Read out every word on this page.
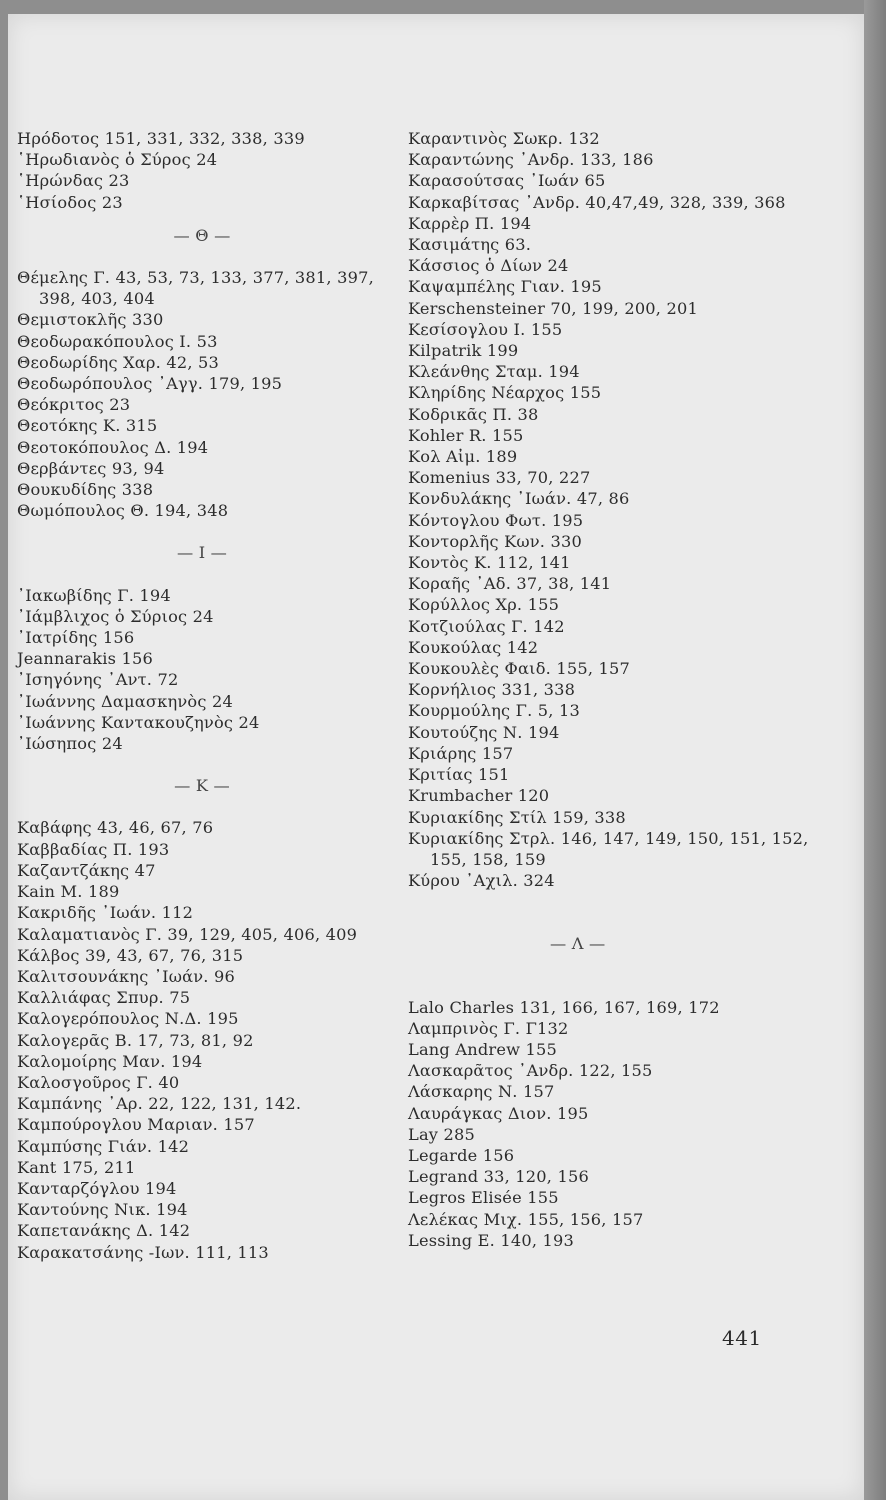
Ηρόδοτος 151, 331, 332, 338, 339
῾Ηρωδιανὸς ὁ Σύρος 24
῾Ηρώνδας 23
῾Ησίοδος 23
— Θ —
Θέμελης Γ. 43, 53, 73, 133, 377, 381, 397, 398, 403, 404
Θεμιστοκλῆς 330
Θεοδωρακόπουλος Ι. 53
Θεοδωρίδης Χαρ. 42, 53
Θεοδωρόπουλος ᾿Αγγ. 179, 195
Θεόκριτος 23
Θεοτόκης Κ. 315
Θεοτοκόπουλος Δ. 194
Θερβάντες 93, 94
Θουκυδίδης 338
Θωμόπουλος Θ. 194, 348
— Ι —
᾿Ιακωβίδης Γ. 194
᾿Ιάμβλιχος ὁ Σύριος 24
᾿Ιατρίδης 156
Jeannarakis 156
᾿Ισηγόνης ᾿Αντ. 72
᾿Ιωάννης Δαμασκηνὸς 24
᾿Ιωάννης Καντακουζηνὸς 24
᾿Ιώσηπος 24
— Κ —
Καβάφης 43, 46, 67, 76
Καββαδίας Π. 193
Καζαντζάκης 47
Kain M. 189
Κακριδῆς ᾿Ιωάν. 112
Καλαματιανὸς Γ. 39, 129, 405, 406, 409
Κάλβος 39, 43, 67, 76, 315
Καλιτσουνάκης ᾿Ιωάν. 96
Καλλιάφας Σπυρ. 75
Καλογερόπουλος Ν.Δ. 195
Καλογερᾶς Β. 17, 73, 81, 92
Καλομοίρης Μαν. 194
Καλοσγοῦρος Γ. 40
Καμπάνης ᾿Αρ. 22, 122, 131, 142.
Καμπούρογλου Μαριαν. 157
Καμπύσης Γιάν. 142
Kant 175, 211
Κανταρζόγλου 194
Καντούνης Νικ. 194
Καπετανάκης Δ. 142
Καρακατσάνης -Ιων. 111, 113
Καραντινὸς Σωκρ. 132
Καραντώνης ᾿Ανδρ. 133, 186
Καρασούτσας ᾿Ιωάν 65
Καρκαβίτσας ᾿Ανδρ. 40,47,49, 328, 339, 368
Καρρὲρ Π. 194
Κασιμάτης 63.
Κάσσιος ὁ Δίων 24
Καψαμπέλης Γιαν. 195
Kerschensteiner 70, 199, 200, 201
Κεσίσογλου Ι. 155
Kilpatrik 199
Κλεάνθης Σταμ. 194
Κληρίδης Νέαρχος 155
Κοδρικᾶς Π. 38
Kohler R. 155
Κολ Αἰμ. 189
Komenius 33, 70, 227
Κονδυλάκης ᾿Ιωάν. 47, 86
Κόντογλου Φωτ. 195
Κοντορλῆς Κων. 330
Κοντὸς Κ. 112, 141
Κοραῆς ᾿Αδ. 37, 38, 141
Κορύλλος Χρ. 155
Κοτζιούλας Γ. 142
Κουκούλας 142
Κουκουλὲς Φαιδ. 155, 157
Κορνήλιος 331, 338
Κουρμούλης Γ. 5, 13
Κουτούζης Ν. 194
Κριάρης 157
Κριτίας 151
Krumbacher 120
Κυριακίδης Στίλ 159, 338
Κυριακίδης Στρλ. 146, 147, 149, 150, 151, 152, 155, 158, 159
Κύρου ᾿Αχιλ. 324
— Λ —
Lalo Charles 131, 166, 167, 169, 172
Λαμπρινὸς Γ. Γ132
Lang Andrew 155
Λασκαρᾶτος ᾿Ανδρ. 122, 155
Λάσκαρης Ν. 157
Λαυράγκας Διον. 195
Lay 285
Legarde 156
Legrand 33, 120, 156
Legros Elisée 155
Λελέκας Μιχ. 155, 156, 157
Lessing E. 140, 193
441
